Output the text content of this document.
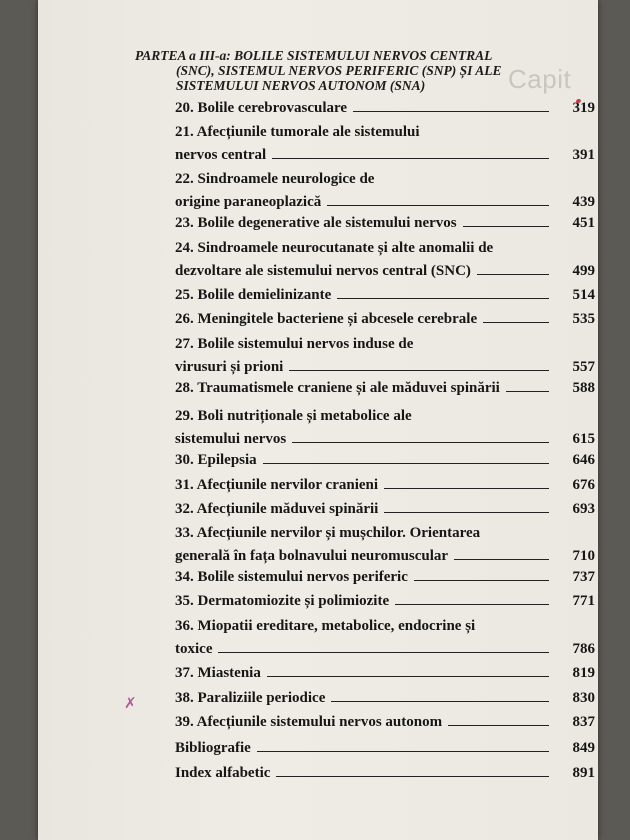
Capit
PARTEA a III-a: BOLILE SISTEMULUI NERVOS CENTRAL
(SNC), SISTEMUL NERVOS PERIFERIC (SNP) ȘI ALE
SISTEMULUI NERVOS AUTONOM (SNA)
✗
20. Bolile cerebrovasculare	319
21. Afecțiunile tumorale ale sistemului
nervos central	391
22. Sindroamele neurologice de
origine paraneoplazică	439
23. Bolile degenerative ale sistemului nervos	451
24. Sindroamele neurocutanate și alte anomalii de
dezvoltare ale sistemului nervos central (SNC)	499
25. Bolile demielinizante	514
26. Meningitele bacteriene și abcesele cerebrale	535
27. Bolile sistemului nervos induse de
virusuri și prioni	557
28. Traumatismele craniene și ale măduvei spinării	588
29. Boli nutriționale și metabolice ale
sistemului nervos	615
30. Epilepsia	646
31. Afecțiunile nervilor cranieni	676
32. Afecțiunile măduvei spinării	693
33. Afecțiunile nervilor și mușchilor. Orientarea
generală în fața bolnavului neuromuscular	710
34. Bolile sistemului nervos periferic	737
35. Dermatomiozite și polimiozite	771
36. Miopatii ereditare, metabolice, endocrine și
toxice	786
37. Miastenia	819
38. Paraliziile periodice	830
39. Afecțiunile sistemului nervos autonom	837
Bibliografie	849
Index alfabetic	891
